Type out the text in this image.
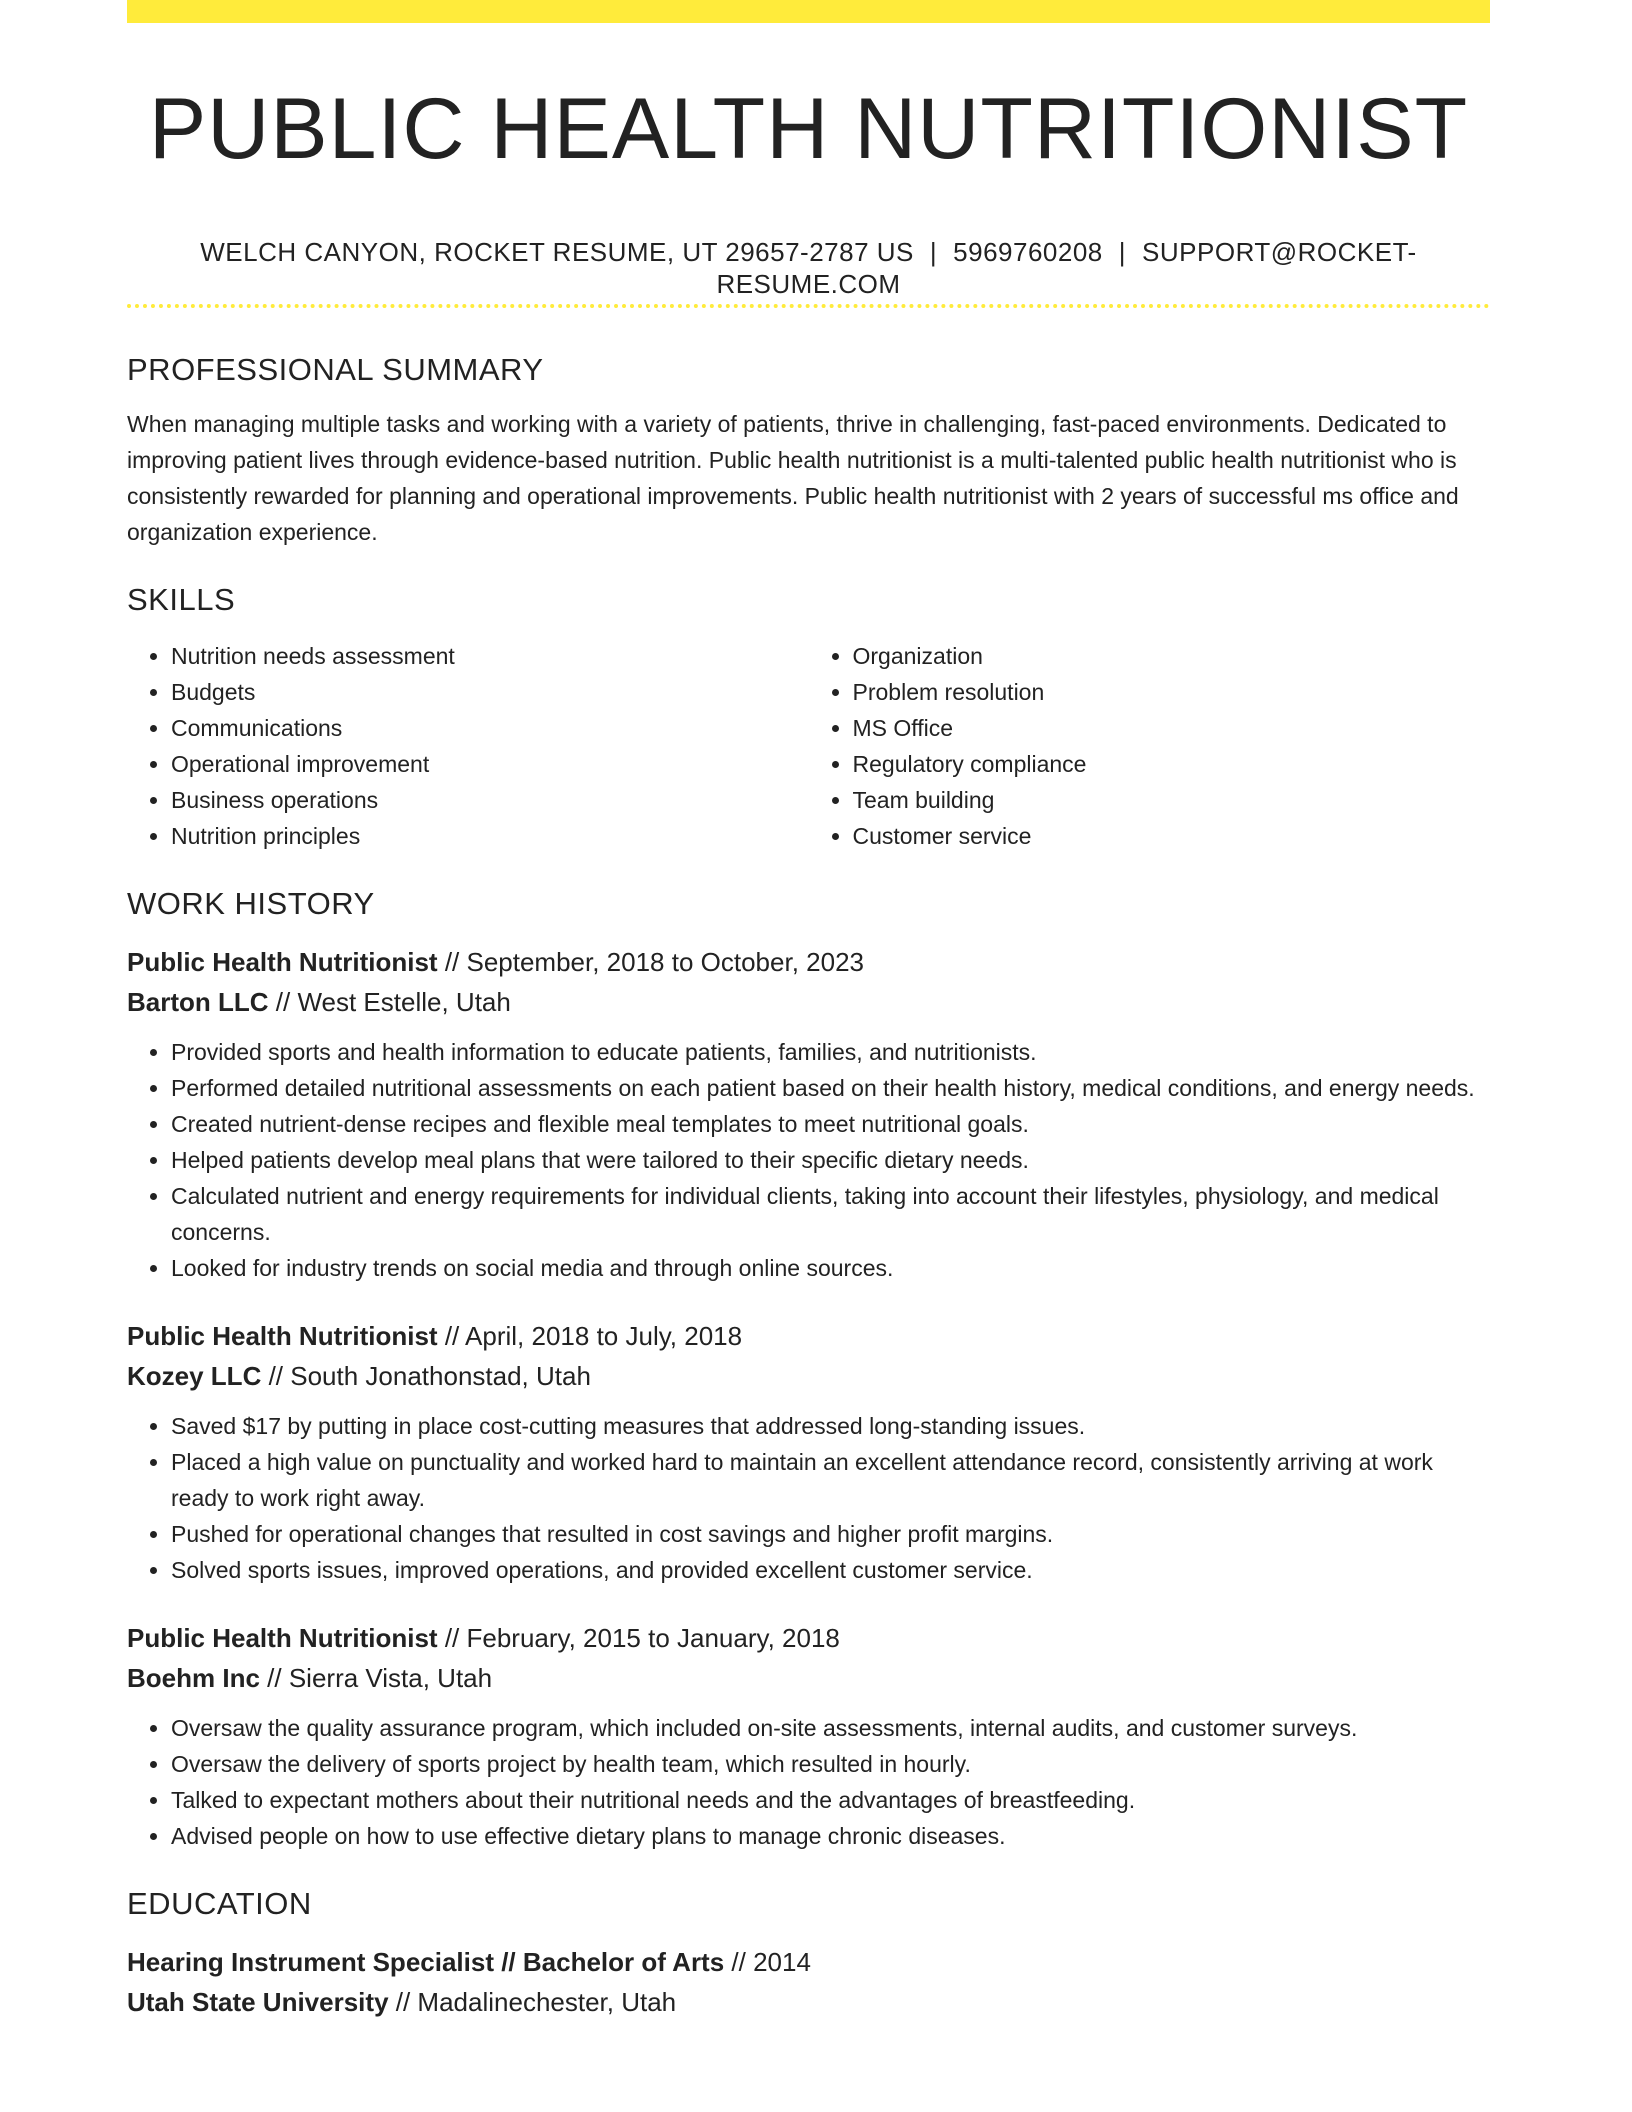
PUBLIC HEALTH NUTRITIONIST
WELCH CANYON, ROCKET RESUME, UT 29657-2787 US | 5969760208 | SUPPORT@ROCKET-RESUME.COM
PROFESSIONAL SUMMARY

When managing multiple tasks and working with a variety of patients, thrive in challenging, fast-paced environments. Dedicated to improving patient lives through evidence-based nutrition. Public health nutritionist is a multi-talented public health nutritionist who is consistently rewarded for planning and operational improvements. Public health nutritionist with 2 years of successful ms office and organization experience.

SKILLS
• Nutrition needs assessment
• Budgets
• Communications
• Operational improvement
• Business operations
• Nutrition principles
• Organization
• Problem resolution
• MS Office
• Regulatory compliance
• Team building
• Customer service
WORK HISTORY
Public Health Nutritionist // September, 2018 to October, 2023
Barton LLC // West Estelle, Utah
• Provided sports and health information to educate patients, families, and nutritionists.
• Performed detailed nutritional assessments on each patient based on their health history, medical conditions, and energy needs.
• Created nutrient-dense recipes and flexible meal templates to meet nutritional goals.
• Helped patients develop meal plans that were tailored to their specific dietary needs.
• Calculated nutrient and energy requirements for individual clients, taking into account their lifestyles, physiology, and medical concerns.
• Looked for industry trends on social media and through online sources.
Public Health Nutritionist // April, 2018 to July, 2018
Kozey LLC // South Jonathonstad, Utah
• Saved $17 by putting in place cost-cutting measures that addressed long-standing issues.
• Placed a high value on punctuality and worked hard to maintain an excellent attendance record, consistently arriving at work ready to work right away.
• Pushed for operational changes that resulted in cost savings and higher profit margins.
• Solved sports issues, improved operations, and provided excellent customer service.
Public Health Nutritionist // February, 2015 to January, 2018
Boehm Inc // Sierra Vista, Utah
• Oversaw the quality assurance program, which included on-site assessments, internal audits, and customer surveys.
• Oversaw the delivery of sports project by health team, which resulted in hourly.
• Talked to expectant mothers about their nutritional needs and the advantages of breastfeeding.
• Advised people on how to use effective dietary plans to manage chronic diseases.
EDUCATION
Hearing Instrument Specialist // Bachelor of Arts // 2014
Utah State University // Madalinechester, Utah
